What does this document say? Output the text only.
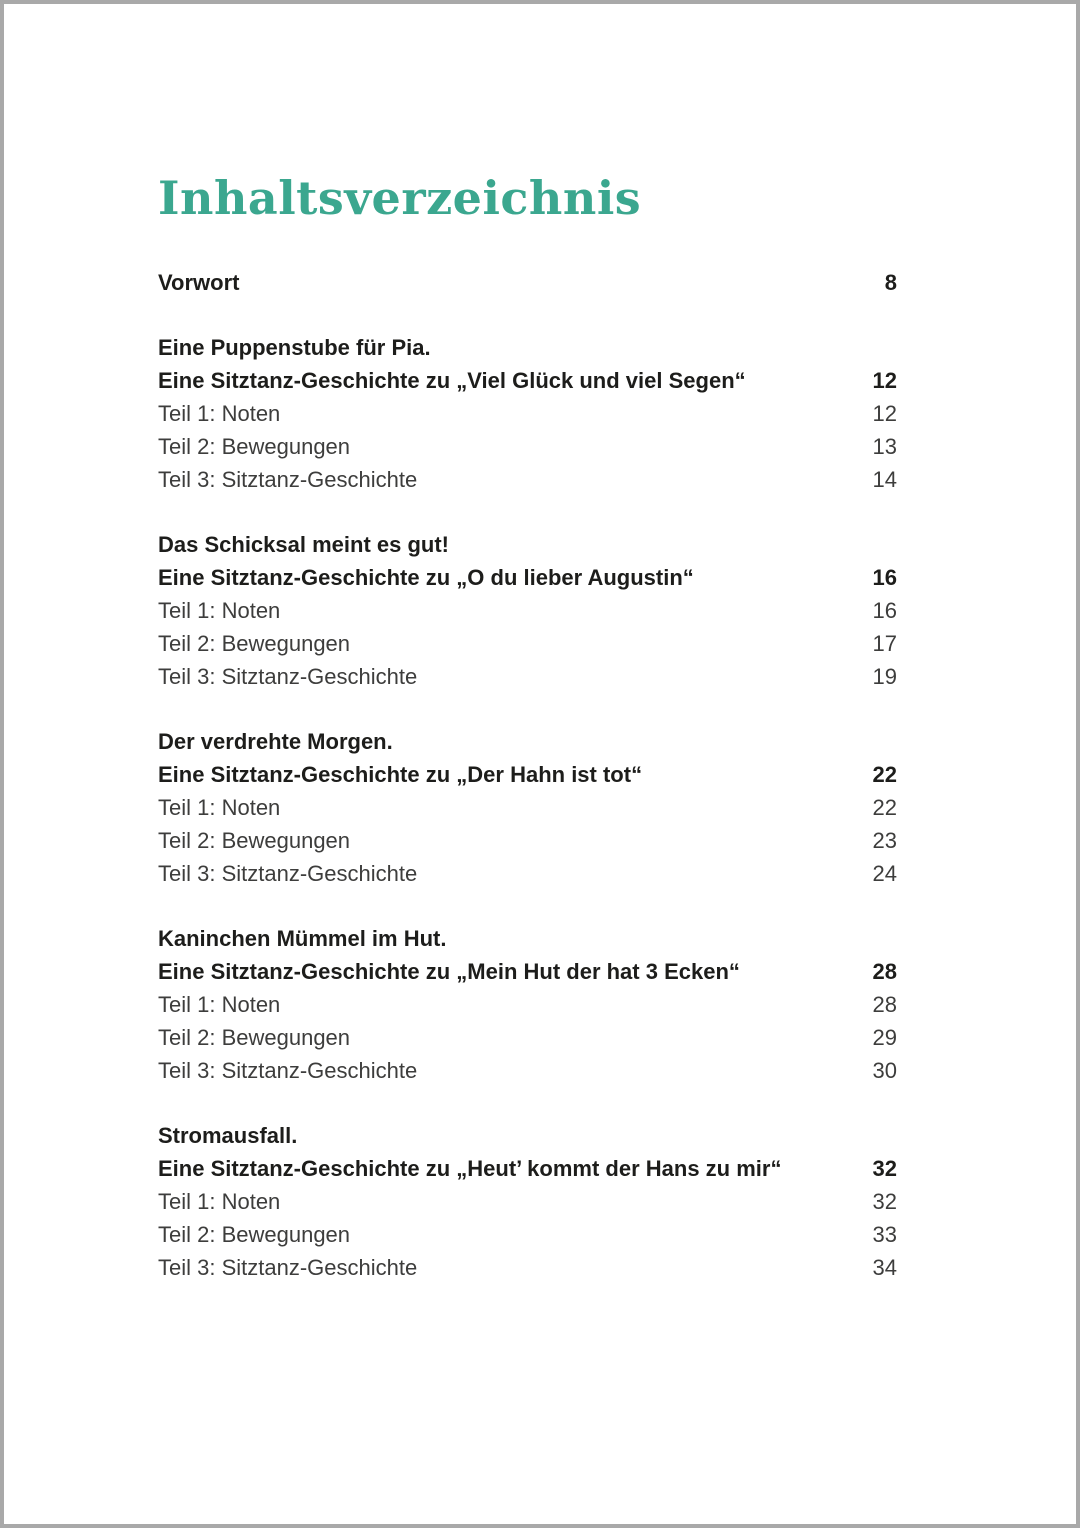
Inhaltsverzeichnis
Vorwort	8
Eine Puppenstube für Pia.
Eine Sitztanz-Geschichte zu „Viel Glück und viel Segen“	12
Teil 1: Noten	12
Teil 2: Bewegungen	13
Teil 3: Sitztanz-Geschichte	14
Das Schicksal meint es gut!
Eine Sitztanz-Geschichte zu „O du lieber Augustin“	16
Teil 1: Noten	16
Teil 2: Bewegungen	17
Teil 3: Sitztanz-Geschichte	19
Der verdrehte Morgen.
Eine Sitztanz-Geschichte zu „Der Hahn ist tot“	22
Teil 1: Noten	22
Teil 2: Bewegungen	23
Teil 3: Sitztanz-Geschichte	24
Kaninchen Mümmel im Hut.
Eine Sitztanz-Geschichte zu „Mein Hut der hat 3 Ecken“	28
Teil 1: Noten	28
Teil 2: Bewegungen	29
Teil 3: Sitztanz-Geschichte	30
Stromausfall.
Eine Sitztanz-Geschichte zu „Heut’ kommt der Hans zu mir“	32
Teil 1: Noten	32
Teil 2: Bewegungen	33
Teil 3: Sitztanz-Geschichte	34
